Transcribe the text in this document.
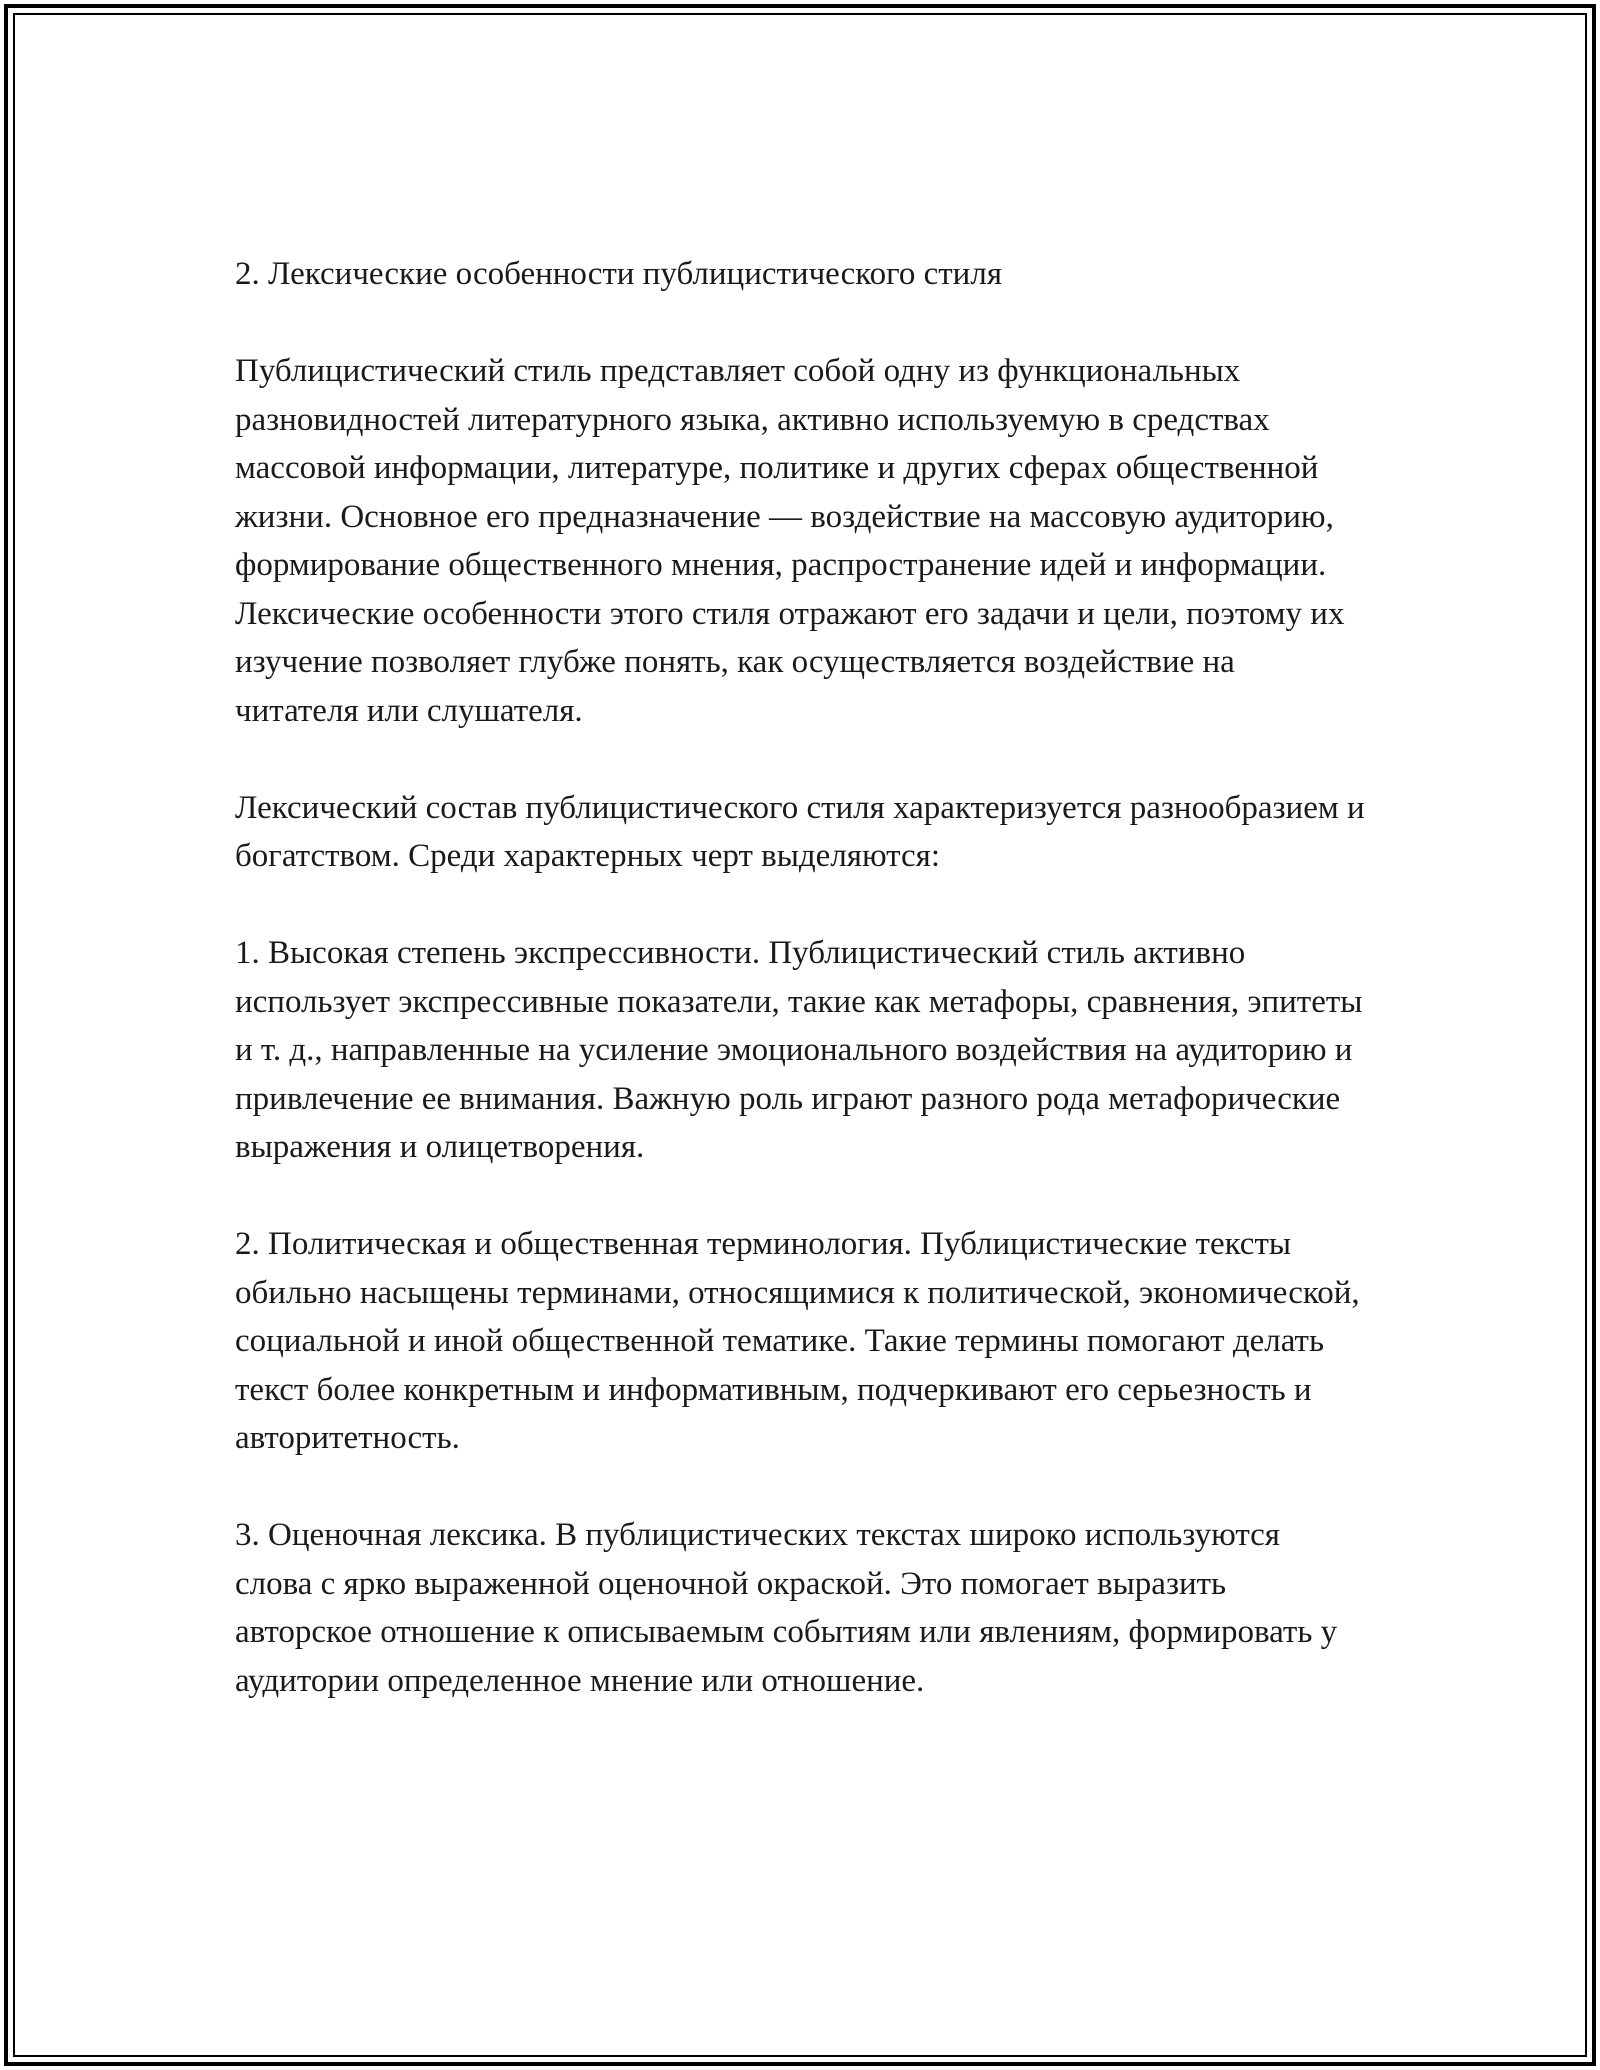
2. Лексические особенности публицистического стиля

Публицистический стиль представляет собой одну из функциональных разновидностей литературного языка, активно используемую в средствах массовой информации, литературе, политике и других сферах общественной жизни. Основное его предназначение — воздействие на массовую аудиторию, формирование общественного мнения, распространение идей и информации. Лексические особенности этого стиля отражают его задачи и цели, поэтому их изучение позволяет глубже понять, как осуществляется воздействие на читателя или слушателя.

Лексический состав публицистического стиля характеризуется разнообразием и богатством. Среди характерных черт выделяются:

1. Высокая степень экспрессивности. Публицистический стиль активно использует экспрессивные показатели, такие как метафоры, сравнения, эпитеты и т. д., направленные на усиление эмоционального воздействия на аудиторию и привлечение ее внимания. Важную роль играют разного рода метафорические выражения и олицетворения.

2. Политическая и общественная терминология. Публицистические тексты обильно насыщены терминами, относящимися к политической, экономической, социальной и иной общественной тематике. Такие термины помогают делать текст более конкретным и информативным, подчеркивают его серьезность и авторитетность.

3. Оценочная лексика. В публицистических текстах широко используются слова с ярко выраженной оценочной окраской. Это помогает выразить авторское отношение к описываемым событиям или явлениям, формировать у аудитории определенное мнение или отношение.
